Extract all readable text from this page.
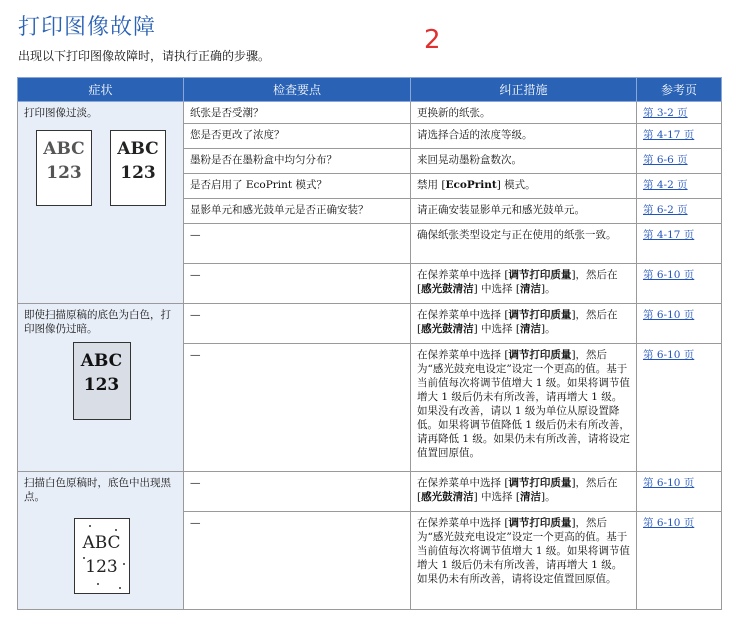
打印图像故障	2
出现以下打印图像故障时，请执行正确的步骤。
症状	检查要点	纠正措施	参考页

打印图像过淡。
ABC
123
ABC
123	纸张是否受潮？	更换新的纸张。	第 3-2 页
	您是否更改了浓度？	请选择合适的浓度等级。	第 4-17 页
	墨粉是否在墨粉盒中均匀分布？	来回晃动墨粉盒数次。	第 6-6 页
	是否启用了 EcoPrint 模式？	禁用 [EcoPrint] 模式。	第 4-2 页
	显影单元和感光鼓单元是否正确安装？	请正确安装显影单元和感光鼓单元。	第 6-2 页
	—	确保纸张类型设定与正在使用的纸张一致。	第 4-17 页
	—	在保养菜单中选择 [调节打印质量]，然后在 [感光鼓清洁] 中选择 [清洁]。	第 6-10 页

即使扫描原稿的底色为白色，打印图像仍过暗。
ABC
123	—	在保养菜单中选择 [调节打印质量]，然后在 [感光鼓清洁] 中选择 [清洁]。	第 6-10 页
	—	在保养菜单中选择 [调节打印质量]，然后为“感光鼓充电设定”设定一个更高的值。基于当前值每次将调节值增大 1 级。如果将调节值增大 1 级后仍未有所改善，请再增大 1 级。如果没有改善，请以 1 级为单位从原设置降低。如果将调节值降低 1 级后仍未有所改善，请再降低 1 级。如果仍未有所改善，请将设定值置回原值。	第 6-10 页

扫描白色原稿时，底色中出现黑点。
ABC
123	—	在保养菜单中选择 [调节打印质量]，然后在 [感光鼓清洁] 中选择 [清洁]。	第 6-10 页
	—	在保养菜单中选择 [调节打印质量]，然后为“感光鼓充电设定”设定一个更高的值。基于当前值每次将调节值增大 1 级。如果将调节值增大 1 级后仍未有所改善，请再增大 1 级。如果仍未有所改善，请将设定值置回原值。	第 6-10 页
